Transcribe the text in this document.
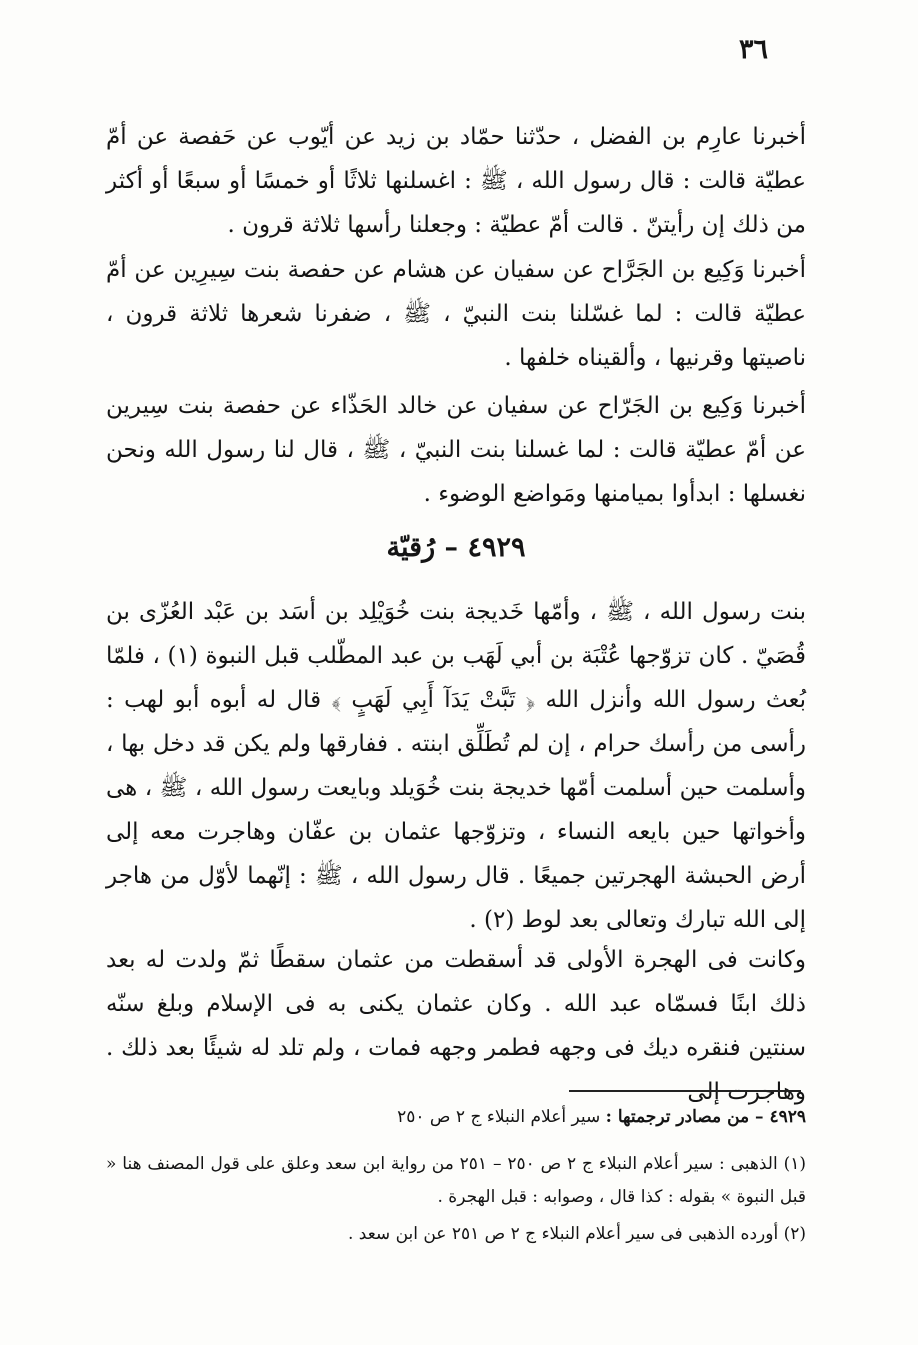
٣٦

أخبرنا عارِم بن الفضل ، حدّثنا حمّاد بن زيد عن أيّوب عن حَفصة عن أمّ عطيّة قالت : قال رسول الله ، ﷺ : اغسلنها ثلاثًا أو خمسًا أو سبعًا أو أكثر من ذلك إن رأيتنّ . قالت أمّ عطيّة : وجعلنا رأسها ثلاثة قرون .

أخبرنا وَكِيع بن الجَرَّاح عن سفيان عن هشام عن حفصة بنت سِيرِين عن أمّ عطيّة قالت : لما غسّلنا بنت النبيّ ، ﷺ ، ضفرنا شعرها ثلاثة قرون ، ناصيتها وقرنيها ، وألقيناه خلفها .

أخبرنا وَكِيع بن الجَرّاح عن سفيان عن خالد الحَذّاء عن حفصة بنت سِيرين عن أمّ عطيّة قالت : لما غسلنا بنت النبيّ ، ﷺ ، قال لنا رسول الله ونحن نغسلها : ابدأوا بميامنها ومَواضع الوضوء .

٤٩٢٩ – رُقيّة

بنت رسول الله ، ﷺ ، وأمّها خَديجة بنت خُوَيْلِد بن أسَد بن عَبْد العُزّى بن قُصَيّ . كان تزوّجها عُتْبَة بن أبي لَهَب بن عبد المطّلب قبل النبوة (١) ، فلمّا بُعث رسول الله وأنزل الله ﴿ تَبَّتْ يَدَآ أَبِي لَهَبٍ ﴾ قال له أبوه أبو لهب : رأسى من رأسك حرام ، إن لم تُطَلِّق ابنته . ففارقها ولم يكن قد دخل بها ، وأسلمت حين أسلمت أمّها خديجة بنت خُوَيلد وبايعت رسول الله ، ﷺ ، هى وأخواتها حين بايعه النساء ، وتزوّجها عثمان بن عفّان وهاجرت معه إلى أرض الحبشة الهجرتين جميعًا . قال رسول الله ، ﷺ : إنّهما لأوّل من هاجر إلى الله تبارك وتعالى بعد لوط (٢) .

وكانت فى الهجرة الأولى قد أسقطت من عثمان سقطًا ثمّ ولدت له بعد ذلك ابنًا فسمّاه عبد الله . وكان عثمان يكنى به فى الإسلام وبلغ سنّه سنتين فنقره ديك فى وجهه فطمر وجهه فمات ، ولم تلد له شيئًا بعد ذلك . وهاجرت إلى

٤٩٢٩ – من مصادر ترجمتها : سير أعلام النبلاء ج ٢ ص ٢٥٠
(١) الذهبى : سير أعلام النبلاء ج ٢ ص ٢٥٠ – ٢٥١ من رواية ابن سعد وعلق على قول المصنف هنا « قبل النبوة » بقوله : كذا قال ، وصوابه : قبل الهجرة .
(٢) أورده الذهبى فى سير أعلام النبلاء ج ٢ ص ٢٥١ عن ابن سعد .
